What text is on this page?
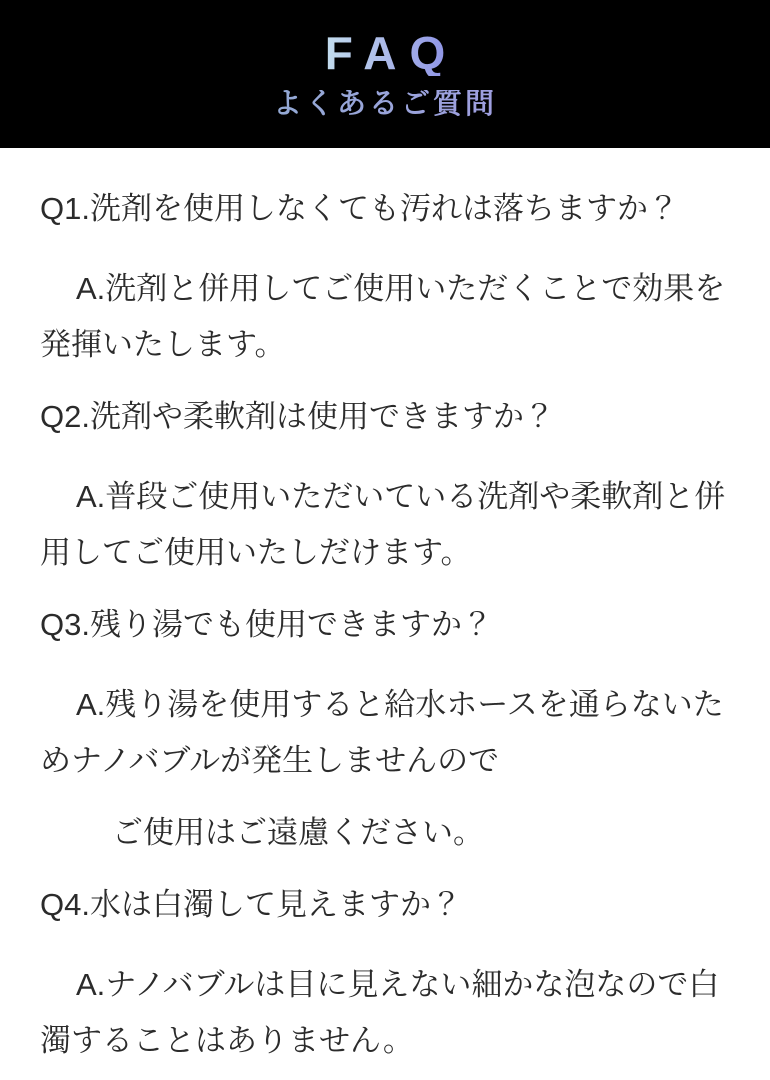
FAQ
よくあるご質問

Q1.洗剤を使用しなくても汚れは落ちますか？

A.洗剤と併用してご使用いただくことで効果を
発揮いたします。

Q2.洗剤や柔軟剤は使用できますか？

A.普段ご使用いただいている洗剤や柔軟剤と併
用してご使用いたしだけます。

Q3.残り湯でも使用できますか？

A.残り湯を使用すると給水ホースを通らないた
めナノバブルが発生しませんので

ご使用はご遠慮ください。

Q4.水は白濁して見えますか？

A.ナノバブルは目に見えない細かな泡なので白
濁することはありません。
